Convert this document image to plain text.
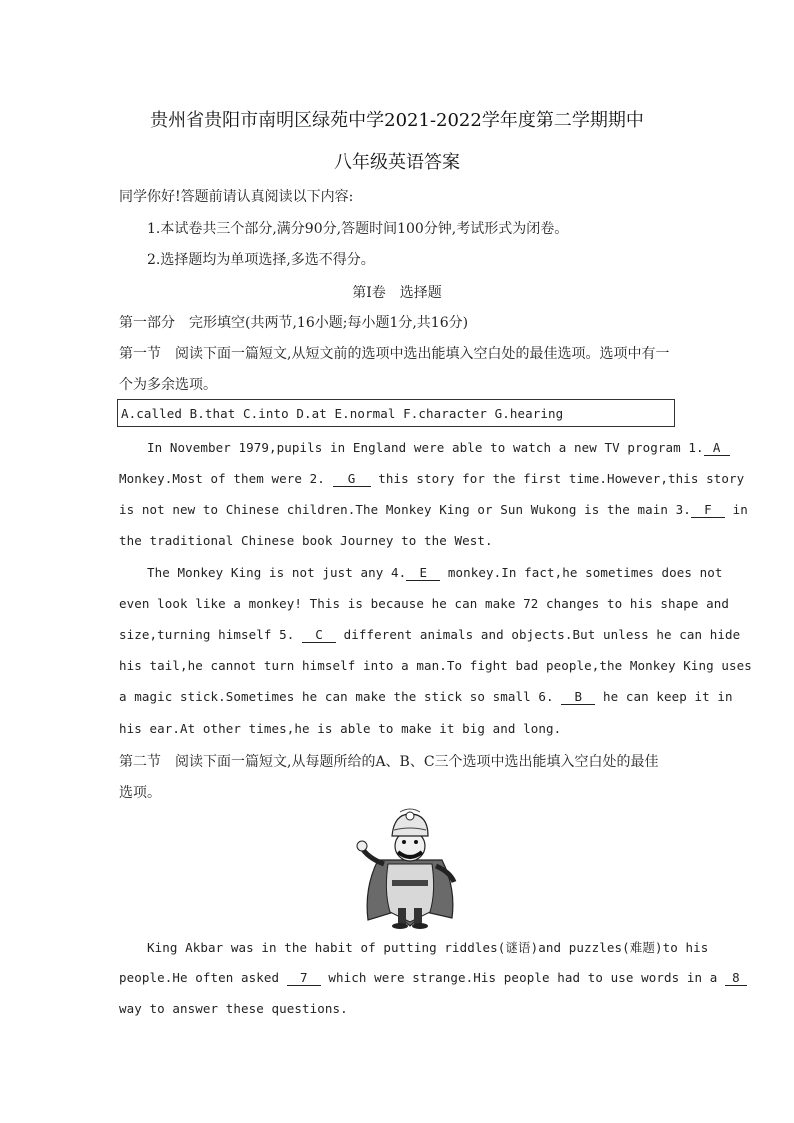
贵州省贵阳市南明区绿苑中学2021-2022学年度第二学期期中
八年级英语答案
同学你好!答题前请认真阅读以下内容:
1.本试卷共三个部分,满分90分,答题时间100分钟,考试形式为闭卷。
2.选择题均为单项选择,多选不得分。
第Ⅰ卷　选择题
第一部分　完形填空(共两节,16小题;每小题1分,共16分)
第一节　阅读下面一篇短文,从短文前的选项中选出能填入空白处的最佳选项。选项中有一
个为多余选项。
A.called B.that C.into D.at E.normal F.character G.hearing
In November 1979,pupils in England were able to watch a new TV program 1. A
Monkey.Most of them were 2. G this story for the first time.However,this story
is not new to Chinese children.The Monkey King or Sun Wukong is the main 3. F in
the traditional Chinese book Journey to the West.
The Monkey King is not just any 4. E monkey.In fact,he sometimes does not
even look like a monkey! This is because he can make 72 changes to his shape and
size,turning himself 5. C different animals and objects.But unless he can hide
his tail,he cannot turn himself into a man.To fight bad people,the Monkey King uses
a magic stick.Sometimes he can make the stick so small 6. B he can keep it in
his ear.At other times,he is able to make it big and long.
第二节　阅读下面一篇短文,从每题所给的A、B、C三个选项中选出能填入空白处的最佳
选项。
King Akbar was in the habit of putting riddles(谜语)and puzzles(难题)to his
people.He often asked 7 which were strange.His people had to use words in a 8
way to answer these questions.
